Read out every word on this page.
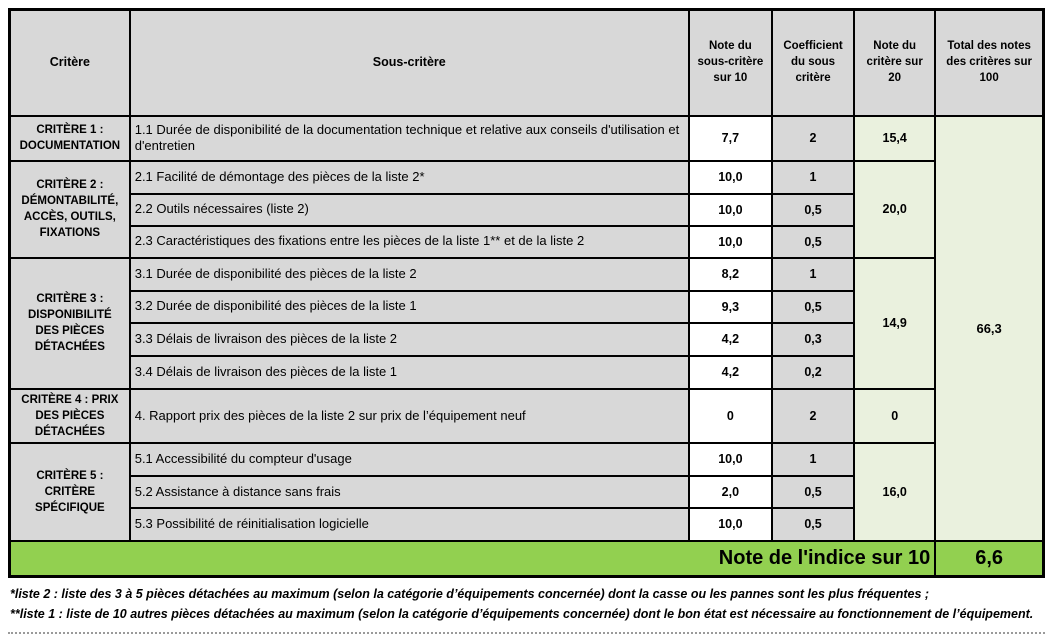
Critère	Sous-critère	Note du sous-critère sur 10	Coefficient du sous critère	Note du critère sur 20	Total des notes des critères sur 100
CRITÈRE 1 : DOCUMENTATION	1.1 Durée de disponibilité de la documentation technique et relative aux conseils d'utilisation et d'entretien	7,7	2	15,4	66,3
CRITÈRE 2 : DÉMONTABILITÉ, ACCÈS, OUTILS, FIXATIONS	2.1 Facilité de démontage des pièces de la liste 2*	10,0	1	20,0	
	2.2 Outils nécessaires (liste 2)	10,0	0,5		
	2.3 Caractéristiques des fixations entre les pièces de la liste 1** et de la liste 2	10,0	0,5		
CRITÈRE 3 : DISPONIBILITÉ DES PIÈCES DÉTACHÉES	3.1 Durée de disponibilité des pièces de la liste 2	8,2	1	14,9	
	3.2 Durée de disponibilité des pièces de la liste 1	9,3	0,5		
	3.3 Délais de livraison des pièces de la liste 2	4,2	0,3		
	3.4 Délais de livraison des pièces de la liste 1	4,2	0,2		
CRITÈRE 4 : PRIX DES PIÈCES DÉTACHÉES	4. Rapport prix des pièces de la liste 2 sur prix de l’équipement neuf	0	2	0	
CRITÈRE 5 : CRITÈRE SPÉCIFIQUE	5.1 Accessibilité du compteur d'usage	10,0	1	16,0	
	5.2 Assistance à distance sans frais	2,0	0,5		
	5.3 Possibilité de réinitialisation logicielle	10,0	0,5		
Note de l'indice sur 10					6,6
*liste 2 : liste des 3 à 5 pièces détachées au maximum (selon la catégorie d’équipements concernée) dont la casse ou les pannes sont les plus fréquentes ;
**liste 1 : liste de 10 autres pièces détachées au maximum (selon la catégorie d’équipements concernée) dont le bon état est nécessaire au fonctionnement de l’équipement.
